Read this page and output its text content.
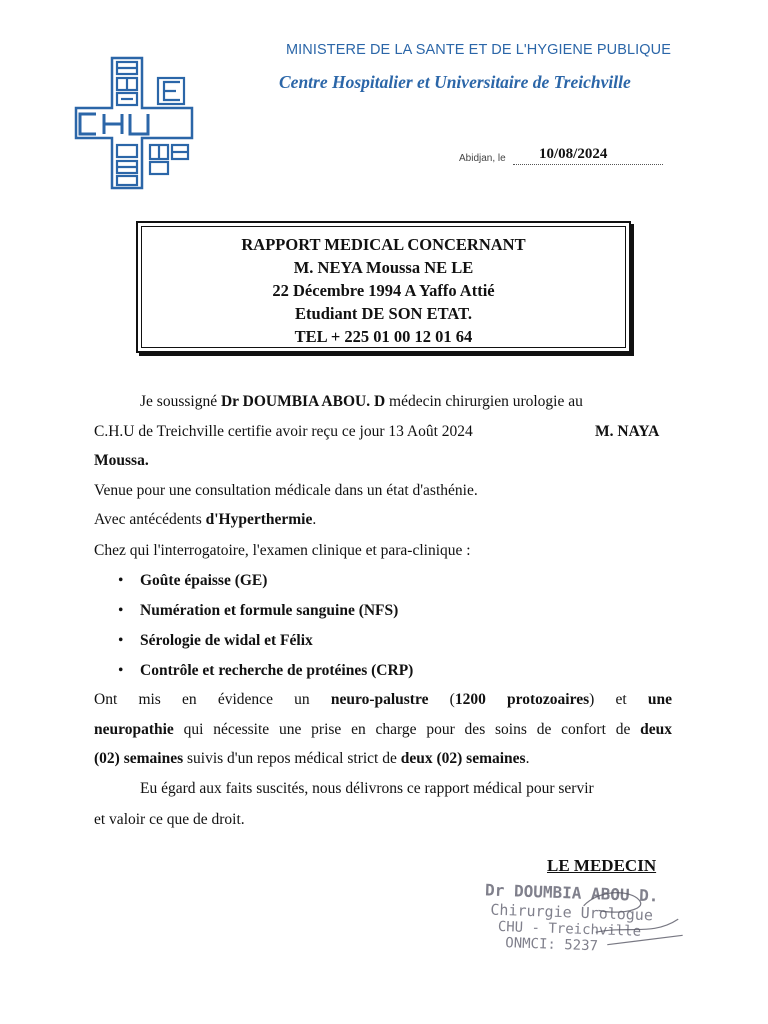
MINISTERE DE LA SANTE ET DE L'HYGIENE PUBLIQUE
Centre Hospitalier et Universitaire de Treichville
Abidjan, le 10/08/2024
RAPPORT MEDICAL CONCERNANT
M. NEYA Moussa NE LE
22 Décembre 1994 A Yaffo Attié
Etudiant DE SON ETAT.
TEL + 225 01 00 12 01 64
Je soussigné Dr DOUMBIA ABOU. D médecin chirurgien urologie au
C.H.U de Treichville certifie avoir reçu ce jour 13 Août 2024	M. NAYA
Moussa.
Venue pour une consultation médicale dans un état d'asthénie.
Avec antécédents d'Hyperthermie.
Chez qui l'interrogatoire, l'examen clinique et para-clinique :
• Goûte épaisse (GE)
• Numération et formule sanguine (NFS)
• Sérologie de widal et Félix
• Contrôle et recherche de protéines (CRP)
Ont mis en évidence un neuro-palustre (1200 protozoaires) et une
neuropathie qui nécessite une prise en charge pour des soins de confort de deux
(02) semaines suivis d'un repos médical strict de deux (02) semaines.
Eu égard aux faits suscités, nous délivrons ce rapport médical pour servir
et valoir ce que de droit.
LE MEDECIN
Dr DOUMBIA ABOU D.
Chirurgie Urologue
CHU - Treichville
ONMCI: 5237
